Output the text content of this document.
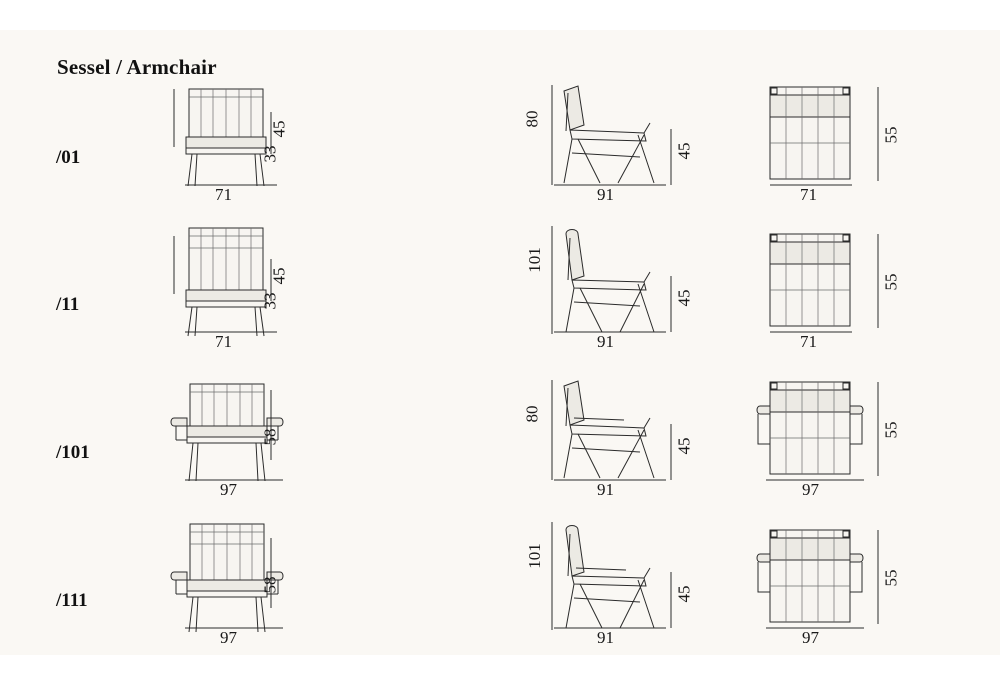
Sessel / Armchair
/01
45
33
71
80
45
91
55
71
/11
45
33
71
101
45
91
55
71
/101
58
97
80
45
91
55
97
/111
58
97
101
45
91
55
97
